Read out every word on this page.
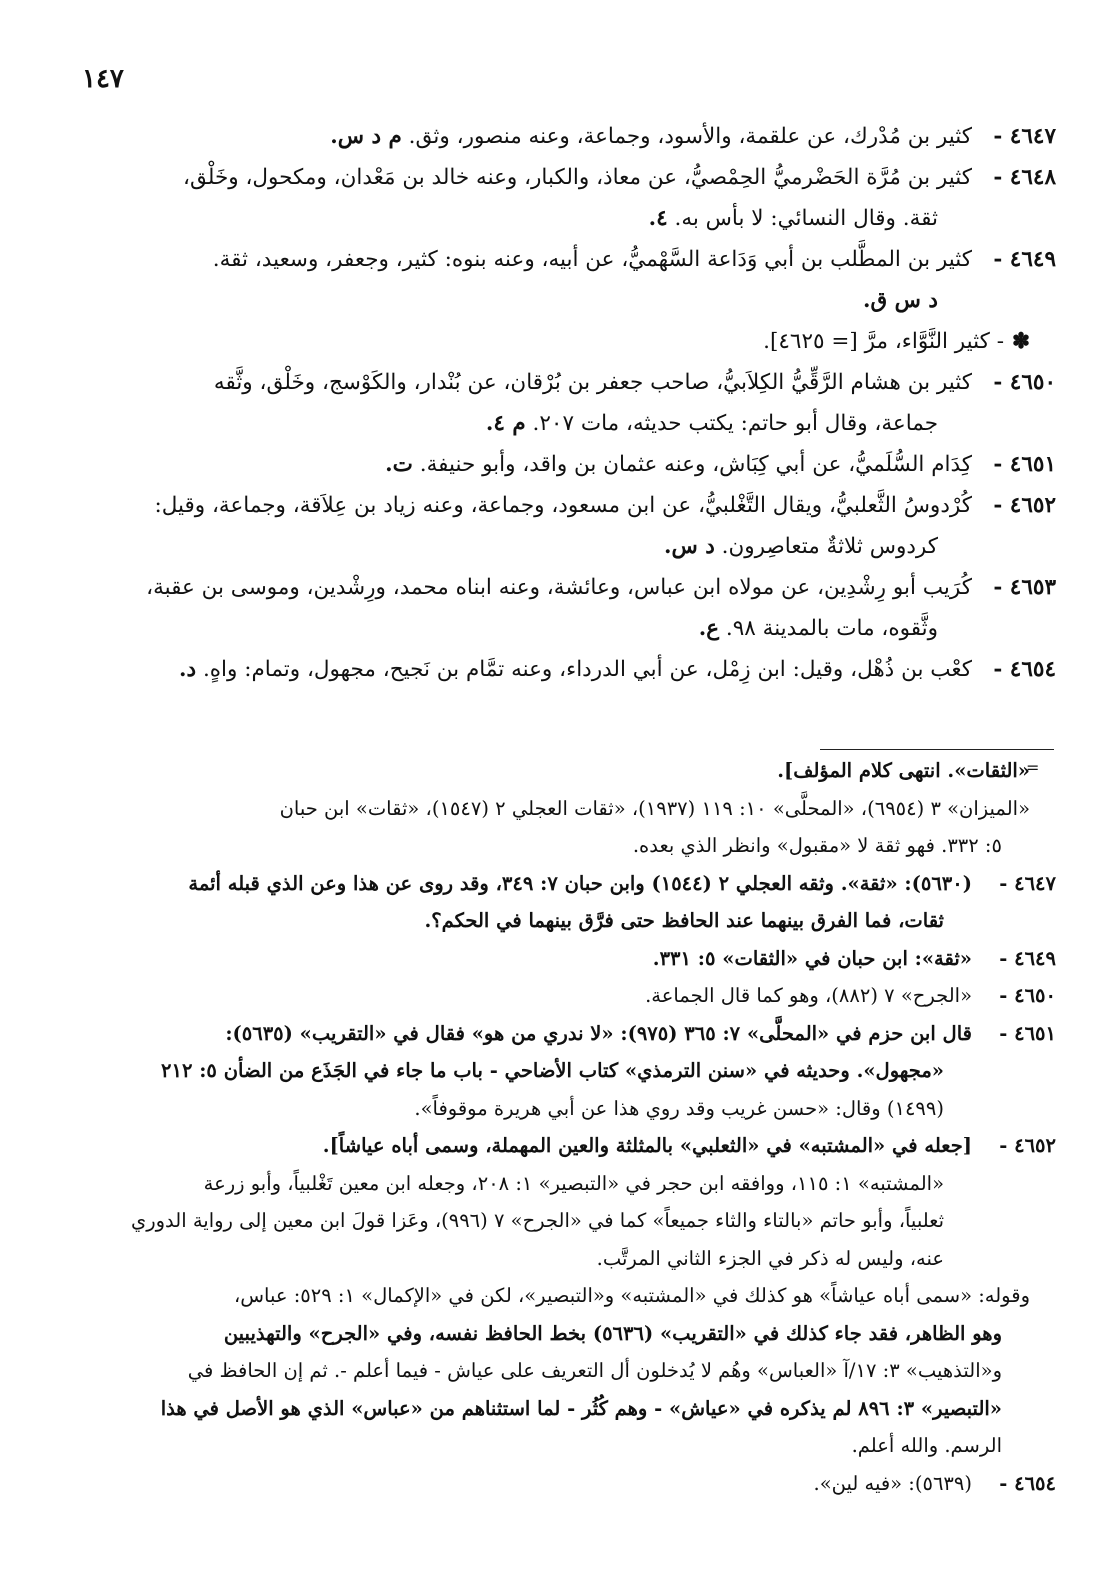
١٤٧
٤٦٤٧ -
كثير بن مُدْرك، عن علقمة، والأسود، وجماعة، وعنه منصور، وثق. م د س.
٤٦٤٨ -
كثير بن مُرَّة الحَضْرميُّ الحِمْصيُّ، عن معاذ، والكبار، وعنه خالد بن مَعْدان، ومكحول، وخَلْق،
ثقة. وقال النسائي: لا بأس به. ٤.
٤٦٤٩ -
كثير بن المطَّلب بن أبي وَدَاعة السَّهْميُّ، عن أبيه، وعنه بنوه: كثير، وجعفر، وسعيد، ثقة.
د س ق.
✽- كثير النَّوَّاء، مرَّ [= ٤٦٢٥].
٤٦٥٠ -
كثير بن هشام الرَّقِّيُّ الكِلاَبيُّ، صاحب جعفر بن بُرْقان، عن بُنْدار، والكَوْسج، وخَلْق، وثَّقه
جماعة، وقال أبو حاتم: يكتب حديثه، مات ٢٠٧. م ٤.
٤٦٥١ -
كِدَام السُّلَميُّ، عن أبي كِبَاش، وعنه عثمان بن واقد، وأبو حنيفة. ت.
٤٦٥٢ -
كُرْدوسُ الثَّعلبيُّ، ويقال التَّغْلبيُّ، عن ابن مسعود، وجماعة، وعنه زياد بن عِلاَقة، وجماعة، وقيل:
كردوس ثلاثةٌ متعاصِرون. د س.
٤٦٥٣ -
كُرَيب أبو رِشْدِين، عن مولاه ابن عباس، وعائشة، وعنه ابناه محمد، ورِشْدين، وموسى بن عقبة،
وثَّقوه، مات بالمدينة ٩٨. ع.
٤٦٥٤ -
كعْب بن ذُهْل، وقيل: ابن زِمْل، عن أبي الدرداء، وعنه تمَّام بن نَجيح، مجهول، وتمام: واهٍ. د.
=
«الثقات». انتهى كلام المؤلف].
«الميزان» ٣ (٦٩٥٤)، «المحلَّى» ١٠: ١١٩ (١٩٣٧)، «ثقات العجلي ٢ (١٥٤٧)، «ثقات» ابن حبان
٥: ٣٣٢. فهو ثقة لا «مقبول» وانظر الذي بعده.
٤٦٤٧ -
(٥٦٣٠): «ثقة». وثقه العجلي ٢ (١٥٤٤) وابن حبان ٧: ٣٤٩، وقد روى عن هذا وعن الذي قبله أئمة
ثقات، فما الفرق بينهما عند الحافظ حتى فرَّق بينهما في الحكم؟.
٤٦٤٩ -
«ثقة»: ابن حبان في «الثقات» ٥: ٣٣١.
٤٦٥٠ -
«الجرح» ٧ (٨٨٢)، وهو كما قال الجماعة.
٤٦٥١ -
قال ابن حزم في «المحلَّى» ٧: ٣٦٥ (٩٧٥): «لا ندري من هو» فقال في «التقريب» (٥٦٣٥):
«مجهول». وحديثه في «سنن الترمذي» كتاب الأضاحي - باب ما جاء في الجَذَع من الضأن ٥: ٢١٢
(١٤٩٩) وقال: «حسن غريب وقد روي هذا عن أبي هريرة موقوفاً».
٤٦٥٢ -
[جعله في «المشتبه» في «الثعلبي» بالمثلثة والعين المهملة، وسمى أباه عياشاً].
«المشتبه» ١: ١١٥، ووافقه ابن حجر في «التبصير» ١: ٢٠٨، وجعله ابن معين تَغْلبياً، وأبو زرعة
ثعلبياً، وأبو حاتم «بالتاء والثاء جميعاً» كما في «الجرح» ٧ (٩٩٦)، وعَزا قولَ ابن معين إلى رواية الدوري
عنه، وليس له ذكر في الجزء الثاني المرتَّب.
وقوله: «سمى أباه عياشاً» هو كذلك في «المشتبه» و«التبصير»، لكن في «الإكمال» ١: ٥٢٩: عباس،
وهو الظاهر، فقد جاء كذلك في «التقريب» (٥٦٣٦) بخط الحافظ نفسه، وفي «الجرح» والتهذيبين
و«التذهيب» ٣: ١٧/آ «العباس» وهُم لا يُدخلون أل التعريف على عياش - فيما أعلم -. ثم إن الحافظ في
«التبصير» ٣: ٨٩٦ لم يذكره في «عياش» - وهم كُثُر - لما استثناهم من «عباس» الذي هو الأصل في هذا
الرسم. والله أعلم.
٤٦٥٤ -
(٥٦٣٩): «فيه لين».
